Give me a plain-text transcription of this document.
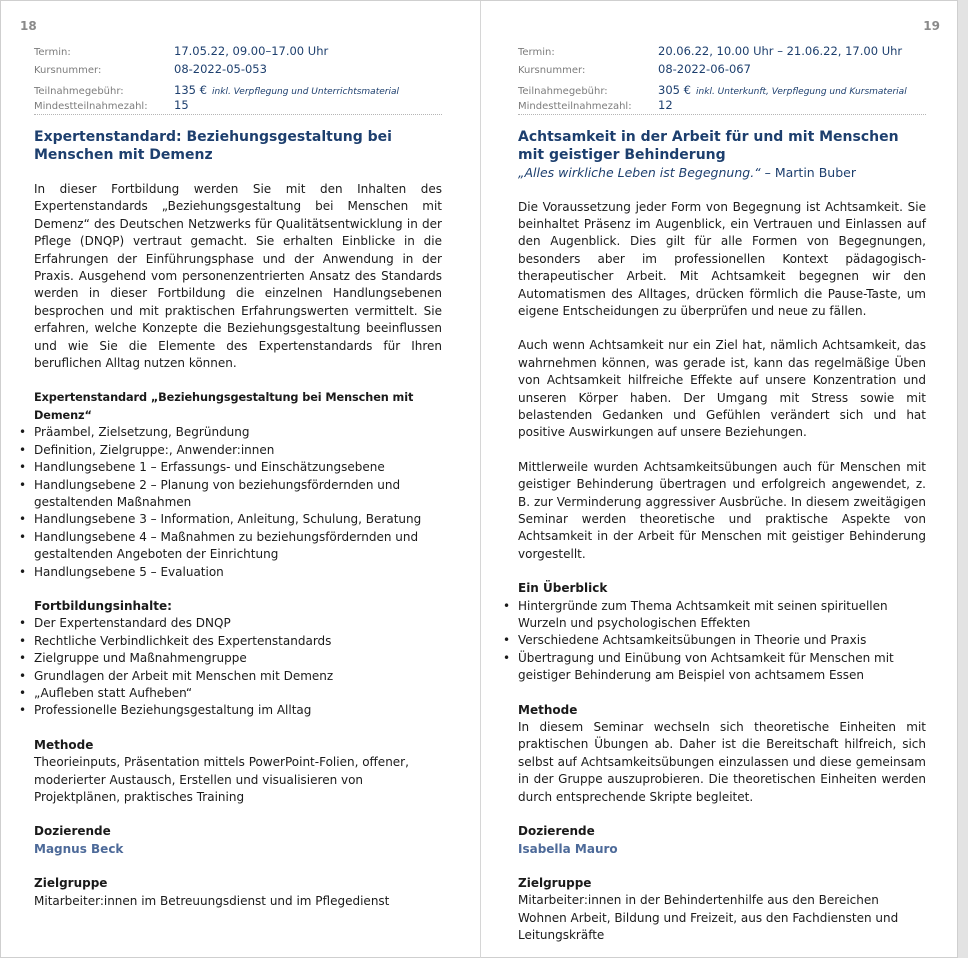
18
Termin:	17.05.22, 09.00–17.00 Uhr
Kursnummer:	08-2022-05-053
Teilnahmegebühr:	135 €
inkl. Verpflegung und Unterrichtsmaterial
Mindestteilnahmezahl:	15
Expertenstandard: Beziehungsgestaltung bei
Menschen mit Demenz

In dieser Fortbildung werden Sie mit den Inhalten des Expertenstandards „Beziehungsgestaltung bei Menschen mit Demenz“ des Deutschen Netzwerks für Qualitätsentwicklung in der Pflege (DNQP) vertraut gemacht. Sie erhalten Einblicke in die Erfahrungen der Einführungsphase und der Anwendung in der Praxis. Ausgehend vom personenzentrierten Ansatz des Standards werden in dieser Fortbildung die einzelnen Handlungsebenen besprochen und mit praktischen Erfahrungswerten vermittelt. Sie erfahren, welche Konzepte die Beziehungsgestaltung beeinflussen und wie Sie die Elemente des Expertenstandards für Ihren beruflichen Alltag nutzen können.

Expertenstandard „Beziehungsgestaltung bei Menschen mit Demenz“
• Präambel, Zielsetzung, Begründung
• Definition, Zielgruppe:, Anwender:innen
• Handlungsebene 1 – Erfassungs- und Einschätzungsebene
• Handlungsebene 2 – Planung von beziehungsfördernden und gestaltenden Maßnahmen
• Handlungsebene 3 – Information, Anleitung, Schulung, Beratung
• Handlungsebene 4 – Maßnahmen zu beziehungsfördernden und gestaltenden Angeboten der Einrichtung
• Handlungsebene 5 – Evaluation
Fortbildungsinhalte:
• Der Expertenstandard des DNQP
• Rechtliche Verbindlichkeit des Expertenstandards
• Zielgruppe und Maßnahmengruppe
• Grundlagen der Arbeit mit Menschen mit Demenz
• „Aufleben statt Aufheben“
• Professionelle Beziehungsgestaltung im Alltag
Methode

Theorieinputs, Präsentation mittels PowerPoint-Folien, offener, moderierter Austausch, Erstellen und visualisieren von Projektplänen, praktisches Training

Dozierende
Magnus Beck
Zielgruppe

Mitarbeiter:innen im Betreuungsdienst und im Pflegedienst

19
Termin:	20.06.22, 10.00 Uhr – 21.06.22, 17.00 Uhr
Kursnummer:	08-2022-06-067
Teilnahmegebühr:	305 €
inkl. Unterkunft, Verpflegung und Kursmaterial
Mindestteilnahmezahl:	12
Achtsamkeit in der Arbeit für und mit Menschen
mit geistiger Behinderung
„Alles wirkliche Leben ist Begegnung.“ – Martin Buber

Die Voraussetzung jeder Form von Begegnung ist Achtsamkeit. Sie beinhaltet Präsenz im Augenblick, ein Vertrauen und Einlassen auf den Augenblick. Dies gilt für alle Formen von Begegnungen, besonders aber im professionellen Kontext pädagogisch-therapeutischer Arbeit. Mit Achtsamkeit begegnen wir den Automatismen des Alltages, drücken förmlich die Pause-Taste, um eigene Entscheidungen zu überprüfen und neue zu fällen.

Auch wenn Achtsamkeit nur ein Ziel hat, nämlich Achtsamkeit, das wahrnehmen können, was gerade ist, kann das regelmäßige Üben von Achtsamkeit hilfreiche Effekte auf unsere Konzentration und unseren Körper haben. Der Umgang mit Stress sowie mit belastenden Gedanken und Gefühlen verändert sich und hat positive Auswirkungen auf unsere Beziehungen.

Mittlerweile wurden Achtsamkeitsübungen auch für Menschen mit geistiger Behinderung übertragen und erfolgreich angewendet, z. B. zur Verminderung aggressiver Ausbrüche. In diesem zweitägigen Seminar werden theoretische und praktische Aspekte von Achtsamkeit in der Arbeit für Menschen mit geistiger Behinderung vorgestellt.

Ein Überblick
• Hintergründe zum Thema Achtsamkeit mit seinen spirituellen Wurzeln und psychologischen Effekten
• Verschiedene Achtsamkeitsübungen in Theorie und Praxis
• Übertragung und Einübung von Achtsamkeit für Menschen mit geistiger Behinderung am Beispiel von achtsamem Essen
Methode

In diesem Seminar wechseln sich theoretische Einheiten mit praktischen Übungen ab. Daher ist die Bereitschaft hilfreich, sich selbst auf Achtsamkeitsübungen einzulassen und diese gemeinsam in der Gruppe auszuprobieren. Die theoretischen Einheiten werden durch entsprechende Skripte begleitet.

Dozierende
Isabella Mauro
Zielgruppe

Mitarbeiter:innen in der Behindertenhilfe aus den Bereichen Wohnen Arbeit, Bildung und Freizeit, aus den Fachdiensten und Leitungskräfte
